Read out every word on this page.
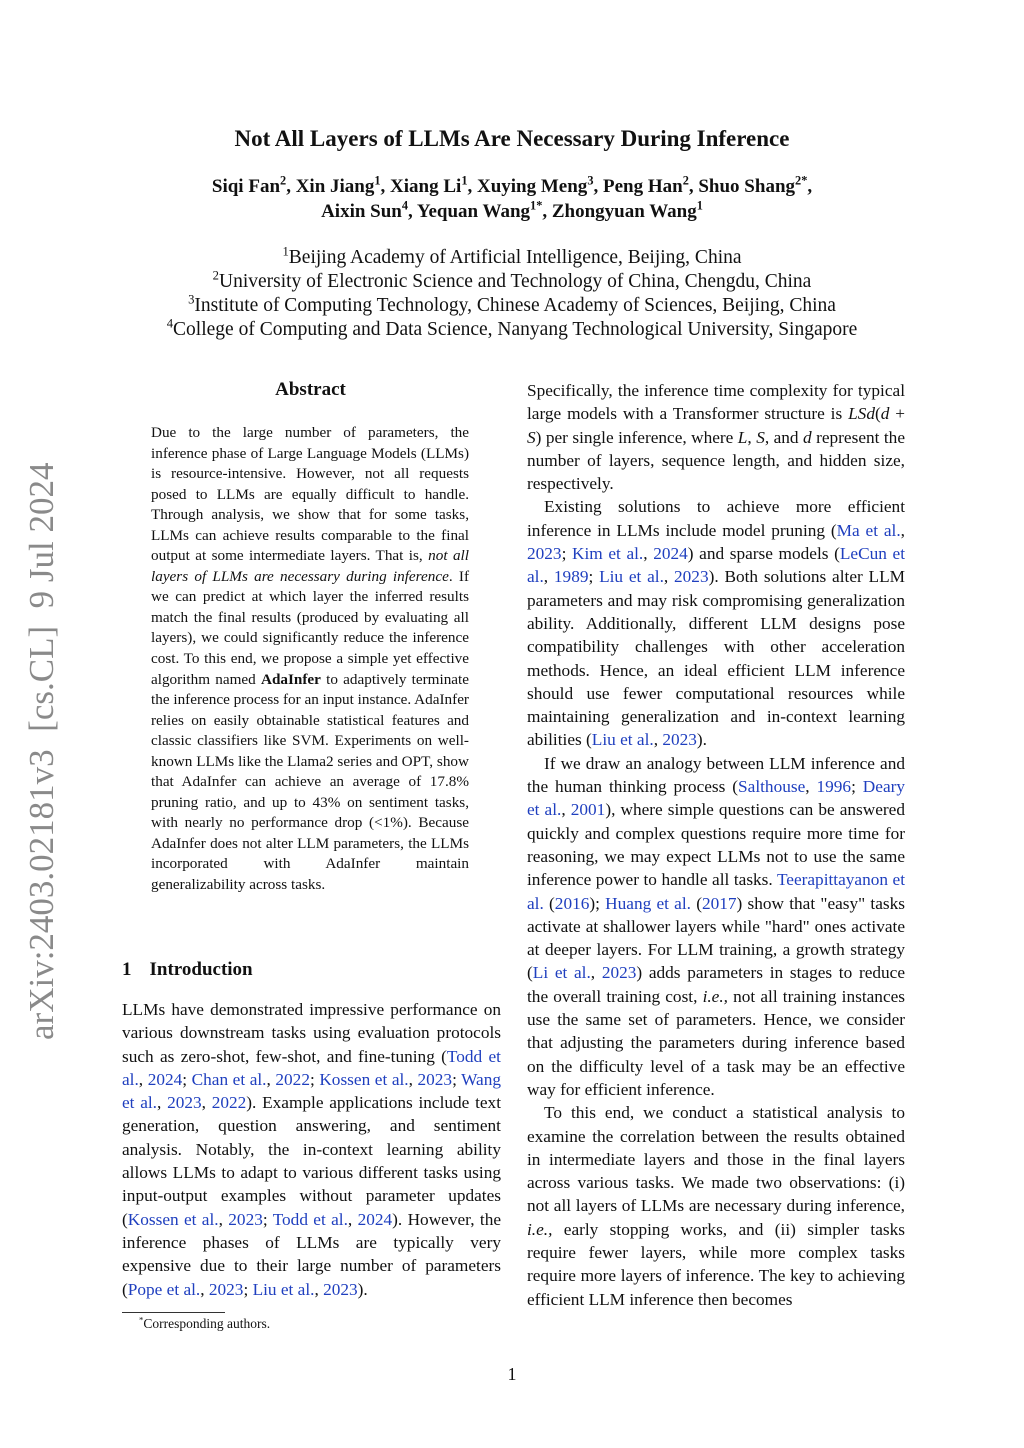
arXiv:2403.02181v3  [cs.CL]  9 Jul 2024
Not All Layers of LLMs Are Necessary During Inference
Siqi Fan$^2$, Xin Jiang$^1$, Xiang Li$^1$, Xuying Meng$^3$, Peng Han$^2$, Shuo Shang$^{2*}$,
Aixin Sun$^4$, Yequan Wang$^{1*}$, Zhongyuan Wang$^1$
$^1$Beijing Academy of Artificial Intelligence, Beijing, China
$^2$University of Electronic Science and Technology of China, Chengdu, China
$^3$Institute of Computing Technology, Chinese Academy of Sciences, Beijing, China
$^4$College of Computing and Data Science, Nanyang Technological University, Singapore
Abstract

Due to the large number of parameters, the inference phase of Large Language Models (LLMs) is resource-intensive. However, not all requests posed to LLMs are equally difficult to handle. Through analysis, we show that for some tasks, LLMs can achieve results comparable to the final output at some intermediate layers. That is, not all layers of LLMs are necessary during inference. If we can predict at which layer the inferred results match the final results (produced by evaluating all layers), we could significantly reduce the inference cost. To this end, we propose a simple yet effective algorithm named AdaInfer to adaptively terminate the inference process for an input instance. AdaInfer relies on easily obtainable statistical features and classic classifiers like SVM. Experiments on well-known LLMs like the Llama2 series and OPT, show that AdaInfer can achieve an average of 17.8% pruning ratio, and up to 43% on sentiment tasks, with nearly no performance drop (<1%). Because AdaInfer does not alter LLM parameters, the LLMs incorporated with AdaInfer maintain generalizability across tasks.

1 Introduction

LLMs have demonstrated impressive performance on various downstream tasks using evaluation protocols such as zero-shot, few-shot, and fine-tuning (Todd et al., 2024; Chan et al., 2022; Kossen et al., 2023; Wang et al., 2023, 2022). Example applications include text generation, question answering, and sentiment analysis. Notably, the in-context learning ability allows LLMs to adapt to various different tasks using input-output examples without parameter updates (Kossen et al., 2023; Todd et al., 2024). However, the inference phases of LLMs are typically very expensive due to their large number of parameters (Pope et al., 2023; Liu et al., 2023).

Specifically, the inference time complexity for typical large models with a Transformer structure is LSd(d + S) per single inference, where L, S, and d represent the number of layers, sequence length, and hidden size, respectively.

Existing solutions to achieve more efficient inference in LLMs include model pruning (Ma et al., 2023; Kim et al., 2024) and sparse models (LeCun et al., 1989; Liu et al., 2023). Both solutions alter LLM parameters and may risk compromising generalization ability. Additionally, different LLM designs pose compatibility challenges with other acceleration methods. Hence, an ideal efficient LLM inference should use fewer computational resources while maintaining generalization and in-context learning abilities (Liu et al., 2023).

If we draw an analogy between LLM inference and the human thinking process (Salthouse, 1996; Deary et al., 2001), where simple questions can be answered quickly and complex questions require more time for reasoning, we may expect LLMs not to use the same inference power to handle all tasks. Teerapittayanon et al. (2016); Huang et al. (2017) show that "easy" tasks activate at shallower layers while "hard" ones activate at deeper layers. For LLM training, a growth strategy (Li et al., 2023) adds parameters in stages to reduce the overall training cost, i.e., not all training instances use the same set of parameters. Hence, we consider that adjusting the parameters during inference based on the difficulty level of a task may be an effective way for efficient inference.

To this end, we conduct a statistical analysis to examine the correlation between the results obtained in intermediate layers and those in the final layers across various tasks. We made two observations: (i) not all layers of LLMs are necessary during inference, i.e., early stopping works, and (ii) simpler tasks require fewer layers, while more complex tasks require more layers of inference. The key to achieving efficient LLM inference then becomes

*Corresponding authors.
1
